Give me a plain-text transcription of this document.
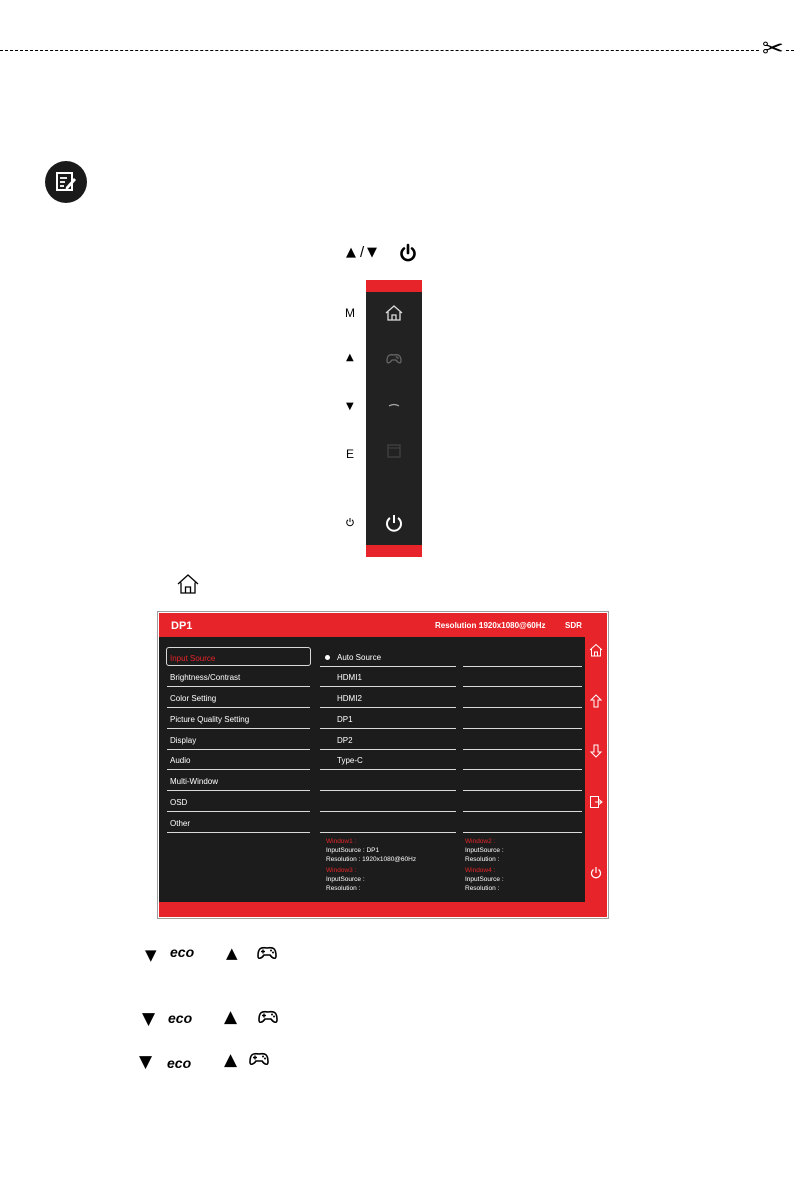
✂
▲ / ▼
M
▲
▼
E
DP1	Resolution :
1920x1080@60Hz SDR
Input Source
Brightness/Contrast
Color Setting
Picture Quality Setting
Display
Audio
Multi-Window
OSD
Other
Auto Source
HDMI1
HDMI2
DP1
DP2
Type-C
Window1 :
InputSource : DP1
Resolution : 1920x1080@60Hz
Window2 :
InputSource :
Resolution :
Window3 :
InputSource :
Resolution :
Window4 :
InputSource :
Resolution :
▼ eco ▲
▼ eco ▲
▼ eco ▲
